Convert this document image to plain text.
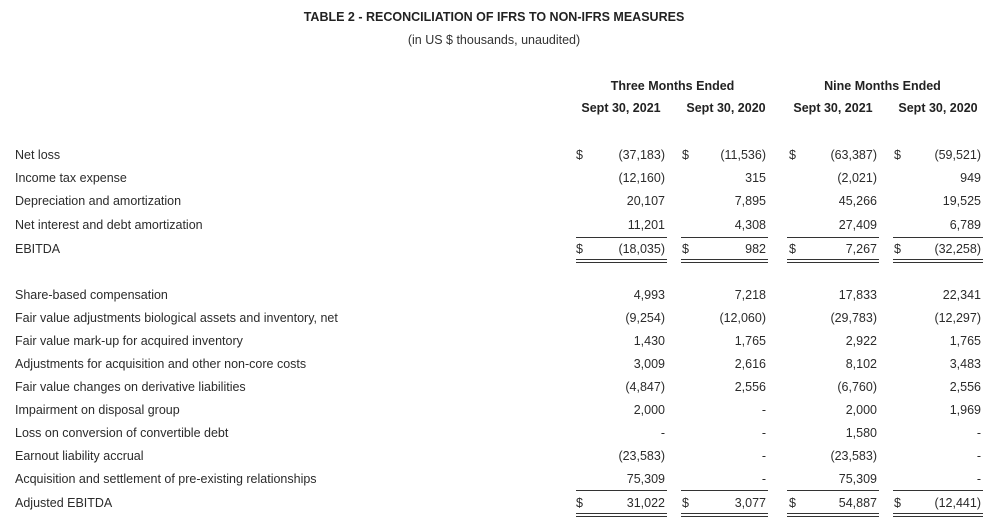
TABLE 2 - RECONCILIATION OF IFRS TO NON-IFRS MEASURES
(in US $ thousands, unaudited)
Three Months Ended	Nine Months Ended
Sept 30, 2021	Sept 30, 2020	Sept 30, 2021	Sept 30, 2020
Net loss	$	(37,183) $	(11,536) $	(63,387) $	(59,521)
Income tax expense	(12,160)	315	(2,021)	949
Depreciation and amortization	20,107	7,895	45,266	19,525
Net interest and debt amortization	11,201	4,308	27,409	6,789
EBITDA	$	(18,035) $	982 $	7,267 $	(32,258)
Share-based compensation	4,993	7,218	17,833	22,341
Fair value adjustments biological assets and inventory, net	(9,254)	(12,060)	(29,783)	(12,297)
Fair value mark-up for acquired inventory	1,430	1,765	2,922	1,765
Adjustments for acquisition and other non-core costs	3,009	2,616	8,102	3,483
Fair value changes on derivative liabilities	(4,847)	2,556	(6,760)	2,556
Impairment on disposal group	2,000	-	2,000	1,969
Loss on conversion of convertible debt	-	-	1,580	-
Earnout liability accrual	(23,583)	-	(23,583)	-
Acquisition and settlement of pre-existing relationships	75,309	-	75,309	-
Adjusted EBITDA	$	31,022 $	3,077 $	54,887 $	(12,441)
